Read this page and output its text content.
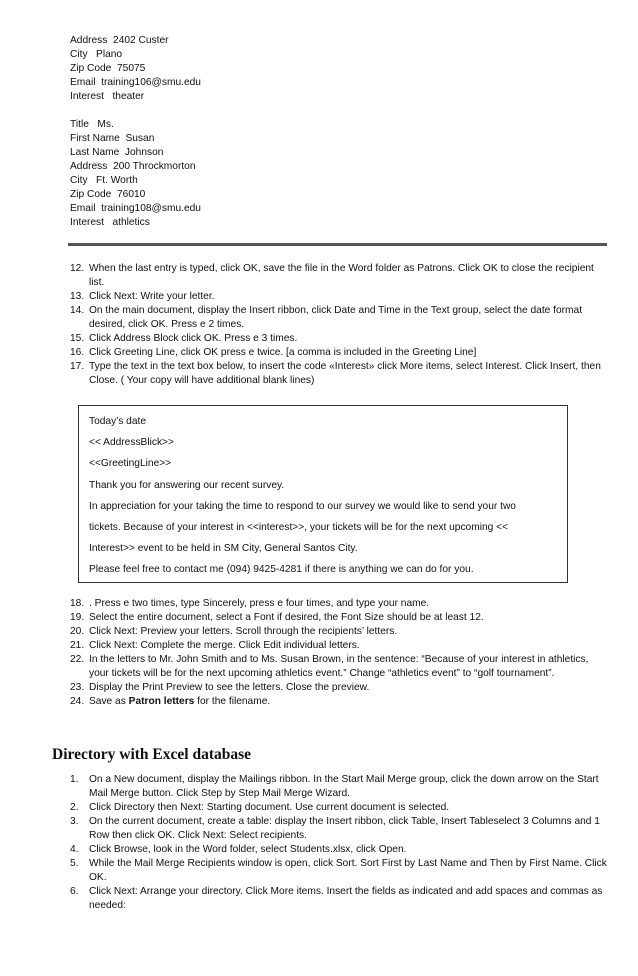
Address  2402 Custer
City   Plano
Zip Code  75075
Email  training106@smu.edu
Interest   theater
Title   Ms.
First Name  Susan
Last Name  Johnson
Address  200 Throckmorton
City   Ft. Worth
Zip Code  76010
Email  training108@smu.edu
Interest   athletics
12. When the last entry is typed, click OK, save the file in the Word folder as Patrons. Click OK to close the recipient list.
13. Click Next: Write your letter.
14. On the main document, display the Insert ribbon, click Date and Time in the Text group, select the date format desired, click OK. Press e 2 times.
15. Click Address Block click OK. Press e 3 times.
16. Click Greeting Line, click OK press e twice. [a comma is included in the Greeting Line]
17. Type the text in the text box below, to insert the code «Interest» click More items, select Interest. Click Insert, then Close. ( Your copy will have additional blank lines)
Today’s date
<< AddressBlick>>
<<GreetingLine>>
Thank you for answering our recent survey.
In appreciation for your taking the time to respond to our survey we would like to send your two
tickets. Because of your interest in <<interest>>, your tickets will be for the next upcoming <<
Interest>> event to be held in SM City, General Santos City.
Please feel free to contact me (094) 9425-4281 if there is anything we can do for you.
18. . Press e two times, type Sincerely, press e four times, and type your name.
19. Select the entire document, select a Font if desired, the Font Size should be at least 12.
20. Click Next: Preview your letters. Scroll through the recipients’ letters.
21. Click Next: Complete the merge. Click Edit individual letters.
22. In the letters to Mr. John Smith and to Ms. Susan Brown, in the sentence: “Because of your interest in athletics, your tickets will be for the next upcoming athletics event.” Change “athletics event” to “golf tournament”.
23. Display the Print Preview to see the letters. Close the preview.
24. Save as Patron letters for the filename.
Directory with Excel database
1. On a New document, display the Mailings ribbon. In the Start Mail Merge group, click the down arrow on the Start Mail Merge button. Click Step by Step Mail Merge Wizard.
2. Click Directory then Next: Starting document. Use current document is selected.
3. On the current document, create a table: display the Insert ribbon, click Table, Insert Tableselect 3 Columns and 1 Row then click OK. Click Next: Select recipients.
4. Click Browse, look in the Word folder, select Students.xlsx, click Open.
5. While the Mail Merge Recipients window is open, click Sort. Sort First by Last Name and Then by First Name. Click OK.
6. Click Next: Arrange your directory. Click More items. Insert the fields as indicated and add spaces and commas as needed:
